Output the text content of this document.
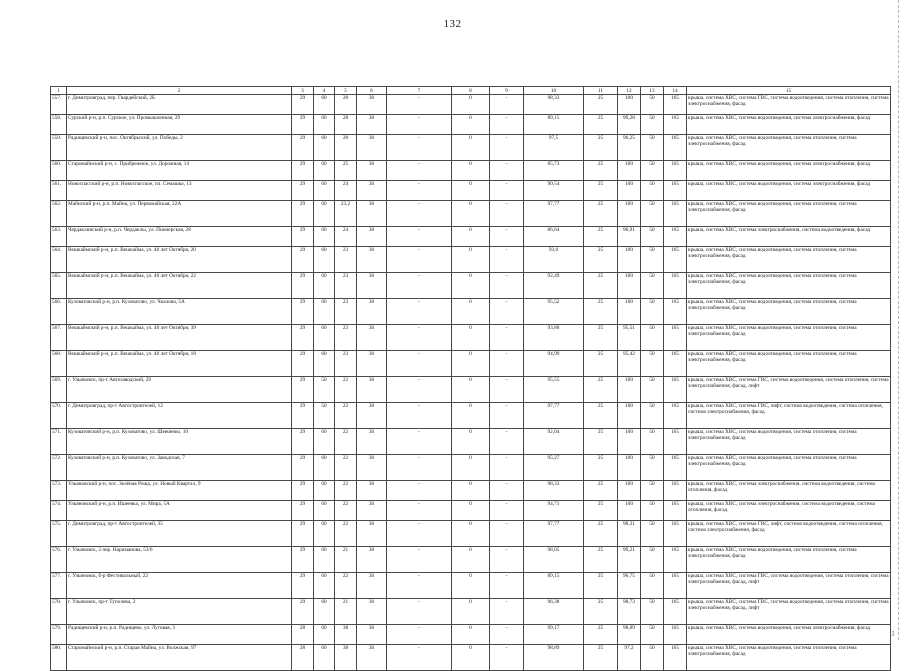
132
1
1	2	3	4	5	6	7	8	9	10	11	12	13	14	15
557.	г. Димитровград, пер. Гвардейский, 2Б	29	60	28	30	-	0	-	98,33	25	100	50	165	крыша, система ХВС, система ГВС, система водоотведения, система отопления, система электроснабжения, фасад
558.	Сурский р-н, р.п. Сурское, ул. Промышленная, 29	29	60	28	30	-	0	-	89,15	25	99,28	50	165	крыша, система ХВС, система водоотведения, система электроснабжения, фасад
559.	Радищевский р-н, пос. Октябрьский, ул. Победы, 2	29	60	28	30	-	0	-	97,5	25	96,25	50	165	крыша, система ХВС, система водоотведения, система отопления, система электроснабжения, фасад
560.	Старомайнский р-н, с. Прибрежное, ул. Дорожная, 14	29	60	25	30	-	0	-	85,73	25	100	50	165	крыша, система ХВС, система водоотведения, система электроснабжения, фасад
561.	Новоспасский р-н, р.п. Новоспасское, пл. Семашко, 13	29	60	24	30	-	0	-	90,54	25	100	50	165	крыша, система ХВС, система водоотведения, система электроснабжения, фасад
562.	Майнский р-н, р.п. Майна, ул. Первомайская, 22А	29	60	23,2	30	-	0	-	97,77	25	100	50	165	крыша, система ХВС, система водоотведения, система отопления, система электроснабжения, фасад
563.	Чердаклинский р-н, р.п. Чердаклы, ул. Пионерская, 28	29	60	24	30	-	0	-	86,64	25	96,91	50	165	крыша, система ХВС, система электроснабжения, система водоотведения, фасад
564.	Вешкаймский р-н, р.п. Вешкайма, ул. 40 лет Октября, 20	29	60	23	30	-	0	-	93,6	25	100	50	165	крыша, система ХВС, система водоотведения, система отопления, система электроснабжения, фасад
565.	Вешкаймский р-н, р.п. Вешкайма, ул. 40 лет Октября, 22	29	60	23	30	-	0	-	92,49	25	100	50	165	крыша, система ХВС, система водоотведения, система отопления, система электроснабжения, фасад
566.	Кузоватовский р-н, р.п. Кузоватово, ул. Чкалова, 5А	29	60	23	30	-	0	-	95,52	25	100	50	165	крыша, система ХВС, система водоотведения, система отопления, система электроснабжения, фасад
567.	Вешкаймский р-н, р.п. Вешкайма, ул. 40 лет Октября, 39	29	60	23	30	-	0	-	93,88	25	95,51	50	165	крыша, система ХВС, система водоотведения, система отопления, система электроснабжения, фасад
568.	Вешкаймский р-н, р.п. Вешкайма, ул. 40 лет Октября, 18	29	60	23	30	-	0	-	94,99	25	95,42	50	165	крыша, система ХВС, система водоотведения, система отопления, система электроснабжения, фасад
569.	г. Ульяновск, пр-т Автозаводский, 29	29	50	22	30	-	0	-	95,55	25	100	50	165	крыша, система ХВС, система ГВС, система водоотведения, система отопления, система электроснабжения, фасад, лифт
570.	г. Димитровград, пр-т Автостроителей, 12	29	50	22	30	-	0	-	97,77	25	100	50	165	крыша, система ХВС, система ГВС, лифт, система водоотведения, система отопления, система электроснабжения, фасад
571.	Кузоватовский р-н, р.п. Кузоватово, ул. Шевченко, 10	29	60	22	30	-	0	-	92,04	25	100	50	165	крыша, система ХВС, система водоотведения, система отопления, система электроснабжения, фасад
572.	Кузоватовский р-н, р.п. Кузоватово, ул. Заводская, 7	29	60	22	30	-	0	-	95,27	25	100	50	165	крыша, система ХВС, система водоотведения, система отопления, система электроснабжения, фасад
573.	Ульяновский р-н, пос. Зелёная Роща, ул. Новый Квартал, 9	29	60	22	30	-	0	-	98,33	25	100	50	165	крыша, система ХВС, система электроснабжения, система водоотведения, система отопления, фасад
574.	Ульяновский р-н, р.п. Ишеевка, ул. Мира, 5А	29	60	22	30	-	0	-	94,71	25	100	50	165	крыша, система ХВС, система электроснабжения, система водоотведения, система отопления, фасад
575.	г. Димитровград, пр-т Автостроителей, 35	29	60	22	30	-	0	-	97,77	25	98,31	50	165	крыша, система ХВС, система ГВС, лифт, система водоотведения, система отопления, система электроснабжения, фасад
576.	г. Ульяновск, 2 пер. Нариманова, 53/6	29	60	21	30	-	0	-	98,05	25	99,21	50	165	крыша, система ХВС, система водоотведения, система отопления, система электроснабжения, фасад
577.	г. Ульяновск, б-р Фестивальный, 22	29	60	22	30	-	0	-	89,15	25	96,75	50	165	крыша, система ХВС, система ГВС, система водоотведения, система отопления, система электроснабжения, фасад, лифт
578.	г. Ульяновск, пр-т Туполева, 2	29	60	21	30	-	0	-	96,38	25	98,73	50	165	крыша, система ХВС, система ГВС, система водоотведения, система отопления, система электроснабжения, фасад, лифт
579.	Радищевский р-н, р.п. Радищево, ул. Луговая, 3	28	60	38	30	-	0	-	99,17	25	98,09	50	165	крыша, система ХВС, система водоотведения, система электроснабжения, фасад
580.	Старомайнский р-н, р.п. Старая Майна, ул. Волжская, 97	28	60	38	30	-	0	-	98,89	25	97,2	50	165	крыша, система ХВС, система водоотведения, система отопления, система электроснабжения, фасад
